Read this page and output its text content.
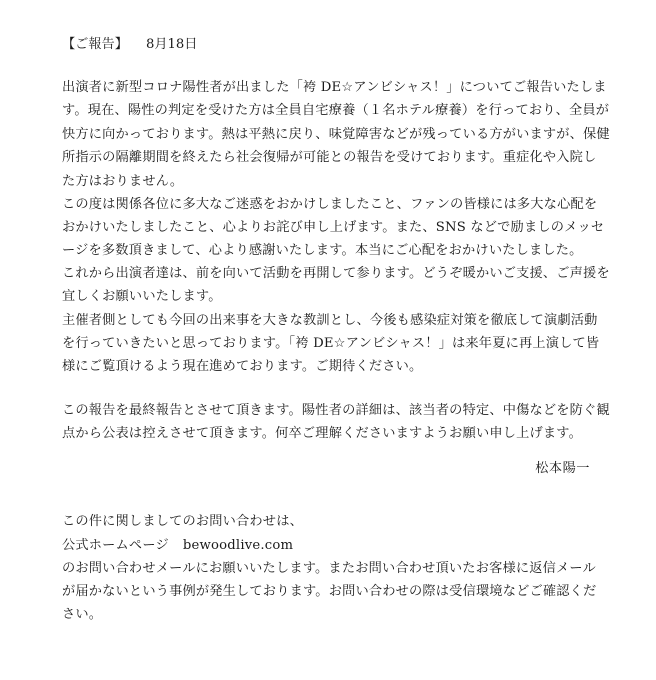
【ご報告】 8月18日
出演者に新型コロナ陽性者が出ました「袴 DE☆アンビシャス！」についてご報告いたしま
す。現在、陽性の判定を受けた方は全員自宅療養（１名ホテル療養）を行っており、全員が
快方に向かっております。熱は平熱に戻り、味覚障害などが残っている方がいますが、保健
所指示の隔離期間を終えたら社会復帰が可能との報告を受けております。重症化や入院し
た方はおりません。
この度は関係各位に多大なご迷惑をおかけしましたこと、ファンの皆様には多大な心配を
おかけいたしましたこと、心よりお詫び申し上げます。また、SNS などで励ましのメッセ
ージを多数頂きまして、心より感謝いたします。本当にご心配をおかけいたしました。
これから出演者達は、前を向いて活動を再開して参ります。どうぞ暖かいご支援、ご声援を
宜しくお願いいたします。
主催者側としても今回の出来事を大きな教訓とし、今後も感染症対策を徹底して演劇活動
を行っていきたいと思っております。「袴 DE☆アンビシャス！」は来年夏に再上演して皆
様にご覧頂けるよう現在進めております。ご期待ください。
この報告を最終報告とさせて頂きます。陽性者の詳細は、該当者の特定、中傷などを防ぐ観
点から公表は控えさせて頂きます。何卒ご理解くださいますようお願い申し上げます。
松本陽一
この件に関しましてのお問い合わせは、
公式ホームページ bewoodlive.com
のお問い合わせメールにお願いいたします。またお問い合わせ頂いたお客様に返信メール
が届かないという事例が発生しております。お問い合わせの際は受信環境などご確認くだ
さい。
